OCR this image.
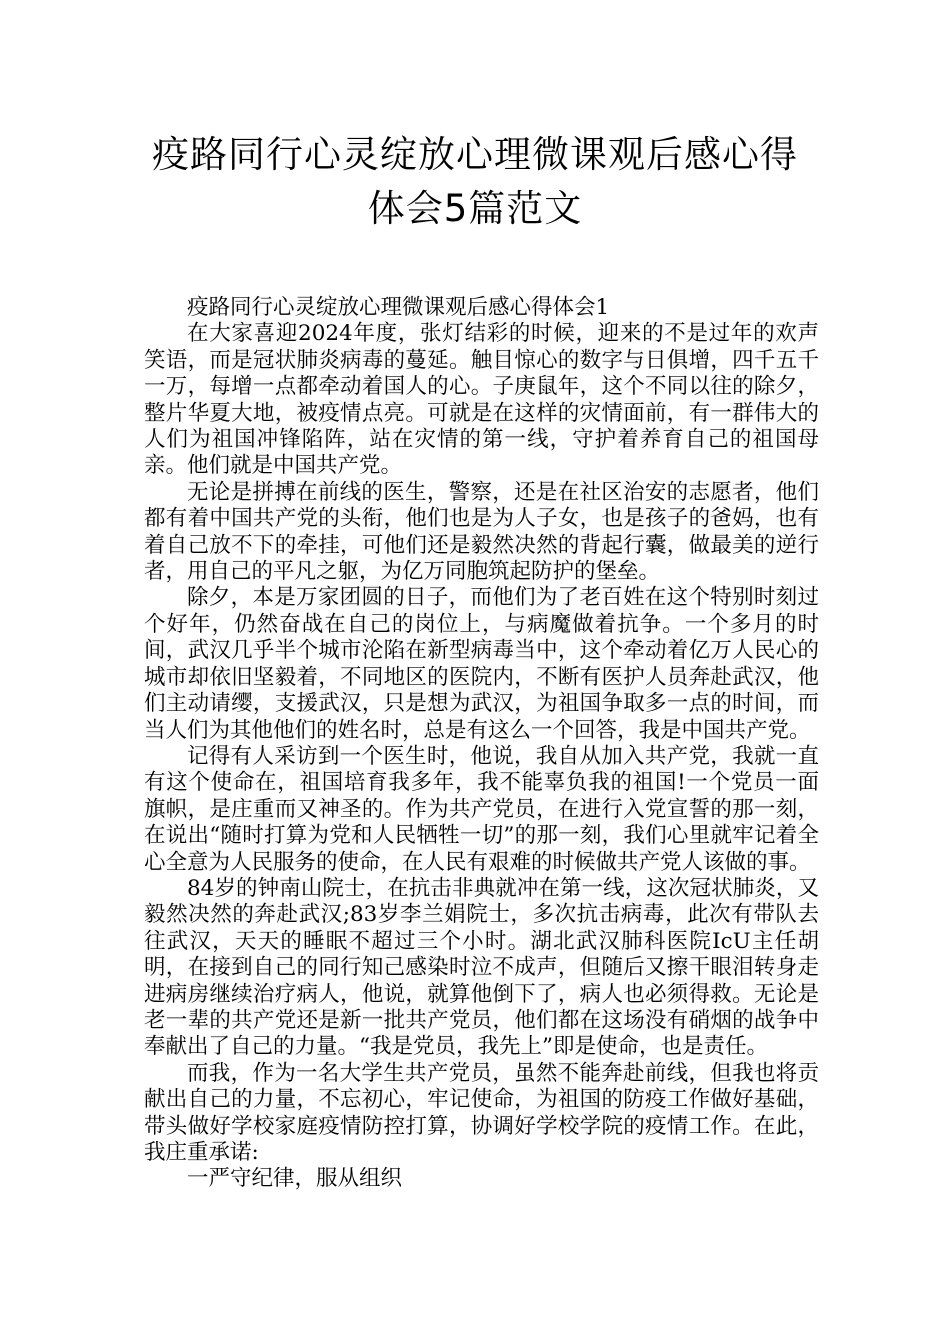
疫路同行心灵绽放心理微课观后感心得
体会5篇范文

疫路同行心灵绽放心理微课观后感心得体会1

在大家喜迎2024年度，张灯结彩的时候，迎来的不是过年的欢声笑语，而是冠状肺炎病毒的蔓延。触目惊心的数字与日俱增，四千五千一万，每增一点都牵动着国人的心。子庚鼠年，这个不同以往的除夕，整片华夏大地，被疫情点亮。可就是在这样的灾情面前，有一群伟大的人们为祖国冲锋陷阵，站在灾情的第一线，守护着养育自己的祖国母亲。他们就是中国共产党。

无论是拼搏在前线的医生，警察，还是在社区治安的志愿者，他们都有着中国共产党的头衔，他们也是为人子女，也是孩子的爸妈，也有着自己放不下的牵挂，可他们还是毅然决然的背起行囊，做最美的逆行者，用自己的平凡之躯，为亿万同胞筑起防护的堡垒。

除夕，本是万家团圆的日子，而他们为了老百姓在这个特别时刻过个好年，仍然奋战在自己的岗位上，与病魔做着抗争。一个多月的时间，武汉几乎半个城市沦陷在新型病毒当中，这个牵动着亿万人民心的城市却依旧坚毅着，不同地区的医院内，不断有医护人员奔赴武汉，他们主动请缨，支援武汉，只是想为武汉，为祖国争取多一点的时间，而当人们为其他他们的姓名时，总是有这么一个回答，我是中国共产党。

记得有人采访到一个医生时，他说，我自从加入共产党，我就一直有这个使命在，祖国培育我多年，我不能辜负我的祖国!一个党员一面旗帜，是庄重而又神圣的。作为共产党员，在进行入党宣誓的那一刻，在说出“随时打算为党和人民牺牲一切”的那一刻，我们心里就牢记着全心全意为人民服务的使命，在人民有艰难的时候做共产党人该做的事。

84岁的钟南山院士，在抗击非典就冲在第一线，这次冠状肺炎，又毅然决然的奔赴武汉;83岁李兰娟院士，多次抗击病毒，此次有带队去往武汉，天天的睡眠不超过三个小时。湖北武汉肺科医院IcU主任胡明，在接到自己的同行知己感染时泣不成声，但随后又擦干眼泪转身走进病房继续治疗病人，他说，就算他倒下了，病人也必须得救。无论是老一辈的共产党还是新一批共产党员，他们都在这场没有硝烟的战争中奉献出了自己的力量。“我是党员，我先上”即是使命，也是责任。

而我，作为一名大学生共产党员，虽然不能奔赴前线，但我也将贡献出自己的力量，不忘初心，牢记使命，为祖国的防疫工作做好基础，带头做好学校家庭疫情防控打算，协调好学校学院的疫情工作。在此，我庄重承诺:

一严守纪律，服从组织
